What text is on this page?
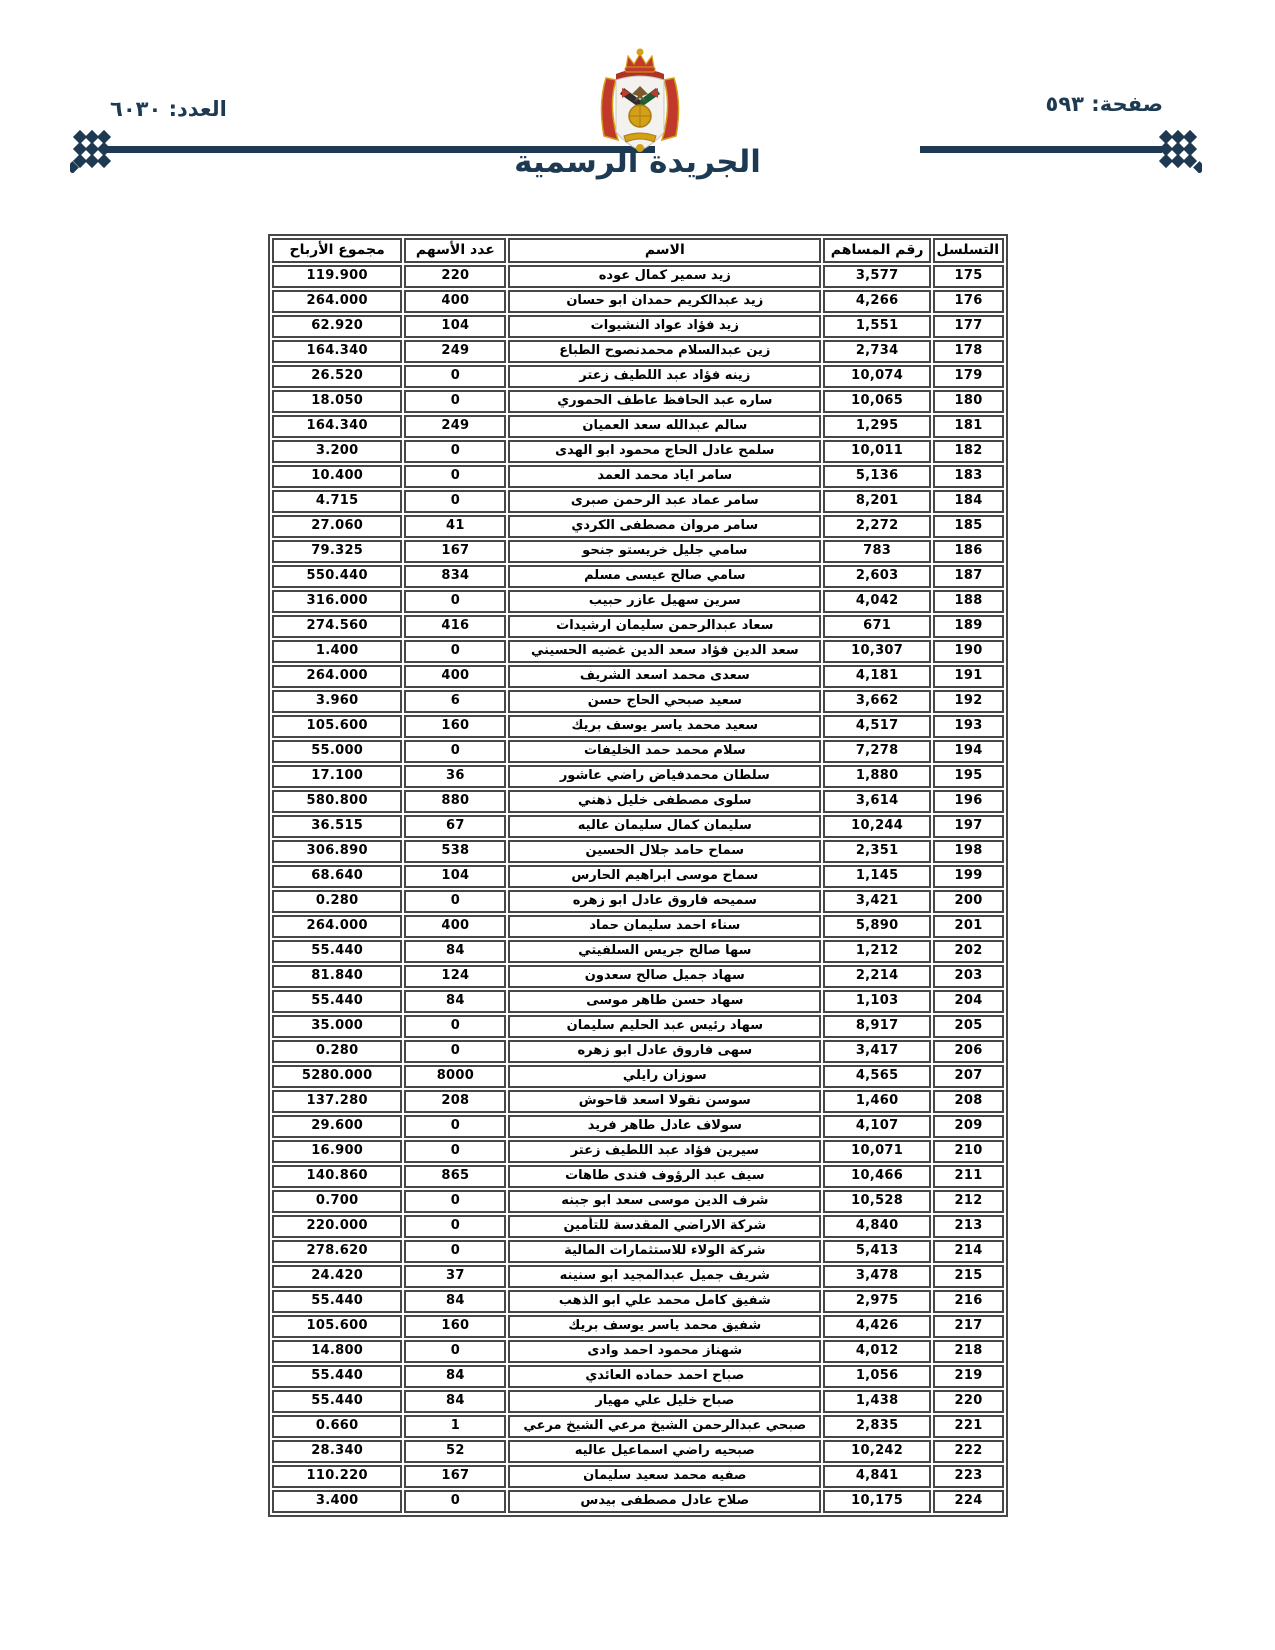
صفحة: ٥٩٣
العدد: ٦٠٣٠
الجريدة الرسمية
التسلسل	رقم المساهم	الاسم	عدد الأسهم	مجموع الأرباح
175	3,577	زيد سمير كمال عوده	220	119.900
176	4,266	زيد عبدالكريم حمدان ابو حسان	400	264.000
177	1,551	زيد فؤاد عواد النشيوات	104	62.920
178	2,734	زين عبدالسلام محمدنصوح الطباع	249	164.340
179	10,074	زينه فؤاد عبد اللطيف زعتر	0	26.520
180	10,065	ساره عبد الحافظ عاطف الحموري	0	18.050
181	1,295	سالم عبدالله سعد العميان	249	164.340
182	10,011	سلمح عادل الحاج محمود ابو الهدى	0	3.200
183	5,136	سامر اياد محمد العمد	0	10.400
184	8,201	سامر عماد عبد الرحمن صبرى	0	4.715
185	2,272	سامر مروان مصطفى الكردي	41	27.060
186	783	سامي جليل خريستو جنحو	167	79.325
187	2,603	سامي صالح عيسى مسلم	834	550.440
188	4,042	سرين سهيل عازر حبيب	0	316.000
189	671	سعاد عبدالرحمن سليمان ارشيدات	416	274.560
190	10,307	سعد الدين فؤاد سعد الدين غضيه الحسيني	0	1.400
191	4,181	سعدى محمد اسعد الشريف	400	264.000
192	3,662	سعيد صبحي الحاج حسن	6	3.960
193	4,517	سعيد محمد ياسر يوسف بريك	160	105.600
194	7,278	سلام محمد حمد الخليفات	0	55.000
195	1,880	سلطان محمدفياض راضي عاشور	36	17.100
196	3,614	سلوى مصطفى خليل ذهني	880	580.800
197	10,244	سليمان كمال سليمان عاليه	67	36.515
198	2,351	سماح حامد جلال الحسين	538	306.890
199	1,145	سماح موسى ابراهيم الحارس	104	68.640
200	3,421	سميحه فاروق عادل ابو زهره	0	0.280
201	5,890	سناء احمد سليمان حماد	400	264.000
202	1,212	سها صالح جريس السلفيتي	84	55.440
203	2,214	سهاد جميل صالح سعدون	124	81.840
204	1,103	سهاد حسن طاهر موسى	84	55.440
205	8,917	سهاد رئيس عبد الحليم سليمان	0	35.000
206	3,417	سهى فاروق عادل ابو زهره	0	0.280
207	4,565	سوزان رايلي	8000	5280.000
208	1,460	سوسن نقولا اسعد قاحوش	208	137.280
209	4,107	سولاف عادل طاهر فريد	0	29.600
210	10,071	سيرين فؤاد عبد اللطيف زعتر	0	16.900
211	10,466	سيف عبد الرؤوف فندى طاهات	865	140.860
212	10,528	شرف الدين موسى سعد ابو جبنه	0	0.700
213	4,840	شركة الاراضي المقدسة للتأمين	0	220.000
214	5,413	شركة الولاء للاستثمارات المالية	0	278.620
215	3,478	شريف جميل عبدالمجيد ابو سنينه	37	24.420
216	2,975	شفيق كامل محمد علي ابو الذهب	84	55.440
217	4,426	شفيق محمد ياسر يوسف بريك	160	105.600
218	4,012	شهناز محمود احمد وادى	0	14.800
219	1,056	صباح احمد حماده العائدي	84	55.440
220	1,438	صباح خليل علي مهيار	84	55.440
221	2,835	صبحي عبدالرحمن الشيخ مرعي الشيخ مرعي	1	0.660
222	10,242	صبحيه راضي اسماعيل عاليه	52	28.340
223	4,841	صفيه محمد سعيد سليمان	167	110.220
224	10,175	صلاح عادل مصطفى بيدس	0	3.400
